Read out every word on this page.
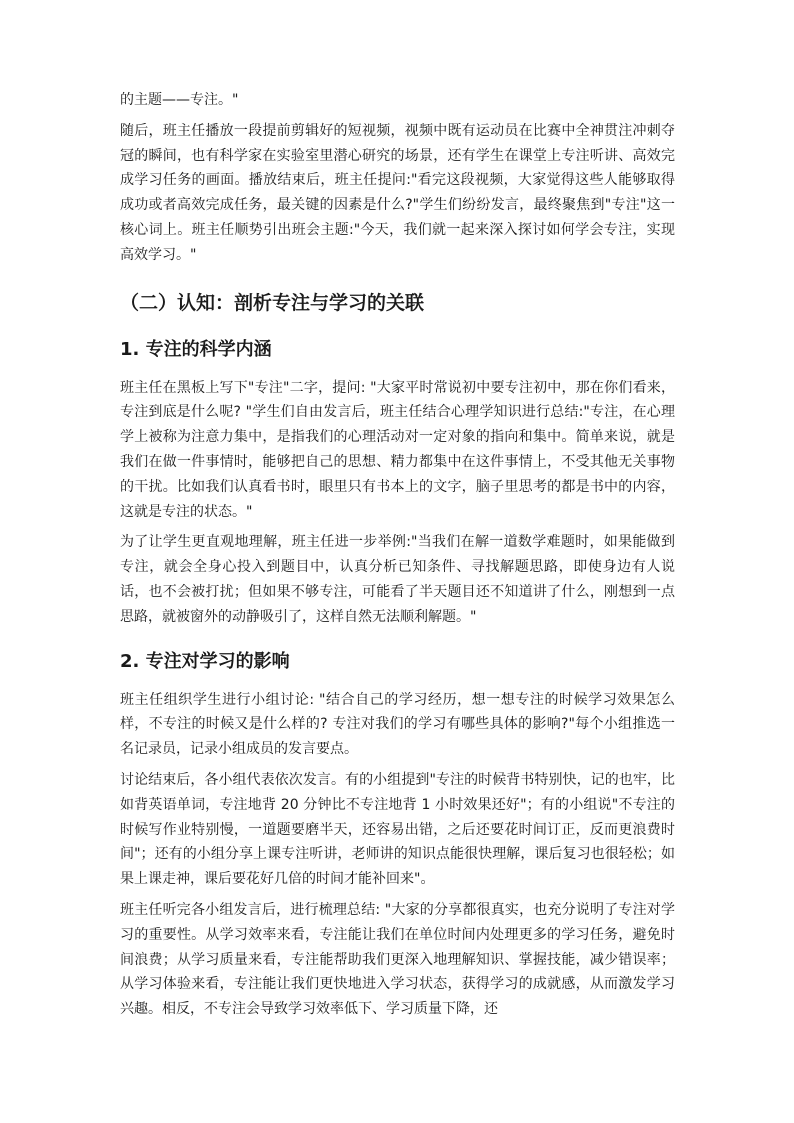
的主题——专注。"

随后，班主任播放一段提前剪辑好的短视频，视频中既有运动员在比赛中全神贯注冲刺夺冠的瞬间，也有科学家在实验室里潜心研究的场景，还有学生在课堂上专注听讲、高效完成学习任务的画面。播放结束后，班主任提问:"看完这段视频，大家觉得这些人能够取得成功或者高效完成任务，最关键的因素是什么?"学生们纷纷发言，最终聚焦到"专注"这一核心词上。班主任顺势引出班会主题:"今天，我们就一起来深入探讨如何学会专注，实现高效学习。"

（二）认知：剖析专注与学习的关联
1. 专注的科学内涵

班主任在黑板上写下"专注"二字，提问: "大家平时常说初中要专注初中，那在你们看来，专注到底是什么呢? "学生们自由发言后，班主任结合心理学知识进行总结:"专注，在心理学上被称为注意力集中，是指我们的心理活动对一定对象的指向和集中。简单来说，就是我们在做一件事情时，能够把自己的思想、精力都集中在这件事情上，不受其他无关事物的干扰。比如我们认真看书时，眼里只有书本上的文字，脑子里思考的都是书中的内容，这就是专注的状态。"

为了让学生更直观地理解，班主任进一步举例:"当我们在解一道数学难题时，如果能做到专注，就会全身心投入到题目中，认真分析已知条件、寻找解题思路，即使身边有人说话，也不会被打扰；但如果不够专注，可能看了半天题目还不知道讲了什么，刚想到一点思路，就被窗外的动静吸引了，这样自然无法顺利解题。"

2. 专注对学习的影响

班主任组织学生进行小组讨论: "结合自己的学习经历，想一想专注的时候学习效果怎么样，不专注的时候又是什么样的? 专注对我们的学习有哪些具体的影响?"每个小组推选一名记录员，记录小组成员的发言要点。

讨论结束后，各小组代表依次发言。有的小组提到"专注的时候背书特别快，记的也牢，比如背英语单词，专注地背 20 分钟比不专注地背 1 小时效果还好"；有的小组说"不专注的时候写作业特别慢，一道题要磨半天，还容易出错，之后还要花时间订正，反而更浪费时间"；还有的小组分享上课专注听讲，老师讲的知识点能很快理解，课后复习也很轻松；如果上课走神，课后要花好几倍的时间才能补回来"。

班主任听完各小组发言后，进行梳理总结: "大家的分享都很真实，也充分说明了专注对学习的重要性。从学习效率来看，专注能让我们在单位时间内处理更多的学习任务，避免时间浪费；从学习质量来看，专注能帮助我们更深入地理解知识、掌握技能，减少错误率；从学习体验来看，专注能让我们更快地进入学习状态，获得学习的成就感，从而激发学习兴趣。相反，不专注会导致学习效率低下、学习质量下降，还
